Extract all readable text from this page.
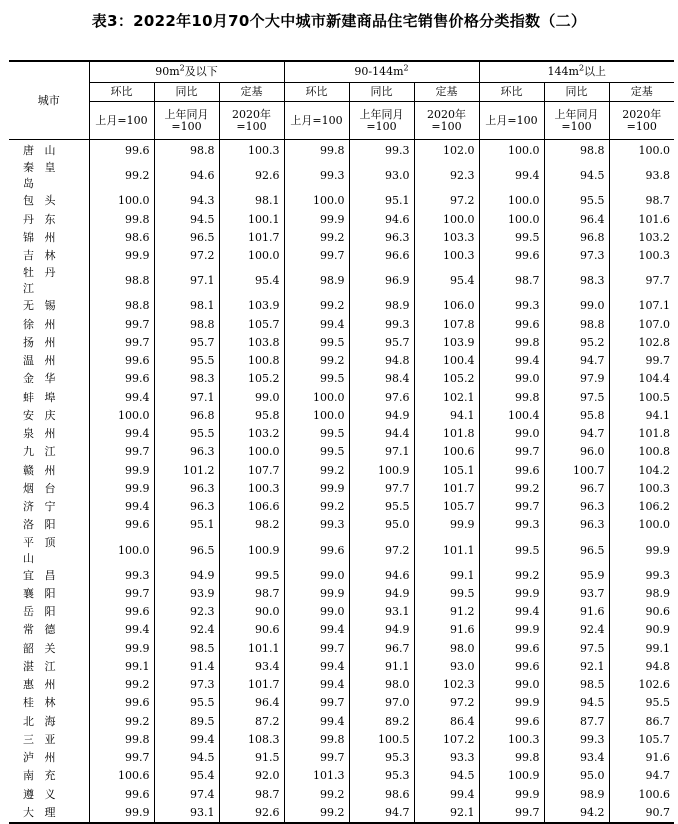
表3：2022年10月70个大中城市新建商品住宅销售价格分类指数（二）
城市	$90m^2$及以下			$90-144m^2$			$144m^2$以上		
	环比	同比	定基	环比	同比	定基	环比	同比	定基
	上月=100	上年同月=100	2020年=100	上月=100	上年同月=100	2020年=100	上月=100	上年同月=100	2020年=100
唐山	99.6	98.8	100.3	99.8	99.3	102.0	100.0	98.8	100.0
秦皇岛	99.2	94.6	92.6	99.3	93.0	92.3	99.4	94.5	93.8
包头	100.0	94.3	98.1	100.0	95.1	97.2	100.0	95.5	98.7
丹东	99.8	94.5	100.1	99.9	94.6	100.0	100.0	96.4	101.6
锦州	98.6	96.5	101.7	99.2	96.3	103.3	99.5	96.8	103.2
吉林	99.9	97.2	100.0	99.7	96.6	100.3	99.6	97.3	100.3
牡丹江	98.8	97.1	95.4	98.9	96.9	95.4	98.7	98.3	97.7
无锡	98.8	98.1	103.9	99.2	98.9	106.0	99.3	99.0	107.1
徐州	99.7	98.8	105.7	99.4	99.3	107.8	99.6	98.8	107.0
扬州	99.7	95.7	103.8	99.5	95.7	103.9	99.8	95.2	102.8
温州	99.6	95.5	100.8	99.2	94.8	100.4	99.4	94.7	99.7
金华	99.6	98.3	105.2	99.5	98.4	105.2	99.0	97.9	104.4
蚌埠	99.4	97.1	99.0	100.0	97.6	102.1	99.8	97.5	100.5
安庆	100.0	96.8	95.8	100.0	94.9	94.1	100.4	95.8	94.1
泉州	99.4	95.5	103.2	99.5	94.4	101.8	99.0	94.7	101.8
九江	99.7	96.3	100.0	99.5	97.1	100.6	99.7	96.0	100.8
赣州	99.9	101.2	107.7	99.2	100.9	105.1	99.6	100.7	104.2
烟台	99.9	96.3	100.3	99.9	97.7	101.7	99.2	96.7	100.3
济宁	99.4	96.3	106.6	99.2	95.5	105.7	99.7	96.3	106.2
洛阳	99.6	95.1	98.2	99.3	95.0	99.9	99.3	96.3	100.0
平顶山	100.0	96.5	100.9	99.6	97.2	101.1	99.5	96.5	99.9
宜昌	99.3	94.9	99.5	99.0	94.6	99.1	99.2	95.9	99.3
襄阳	99.7	93.9	98.7	99.9	94.9	99.5	99.9	93.7	98.9
岳阳	99.6	92.3	90.0	99.0	93.1	91.2	99.4	91.6	90.6
常德	99.4	92.4	90.6	99.4	94.9	91.6	99.9	92.4	90.9
韶关	99.9	98.5	101.1	99.7	96.7	98.0	99.6	97.5	99.1
湛江	99.1	91.4	93.4	99.4	91.1	93.0	99.6	92.1	94.8
惠州	99.2	97.3	101.7	99.4	98.0	102.3	99.0	98.5	102.6
桂林	99.6	95.5	96.4	99.7	97.0	97.2	99.9	94.5	95.5
北海	99.2	89.5	87.2	99.4	89.2	86.4	99.6	87.7	86.7
三亚	99.8	99.4	108.3	99.8	100.5	107.2	100.3	99.3	105.7
泸州	99.7	94.5	91.5	99.7	95.3	93.3	99.8	93.4	91.6
南充	100.6	95.4	92.0	101.3	95.3	94.5	100.9	95.0	94.7
遵义	99.6	97.4	98.7	99.2	98.6	99.4	99.9	98.9	100.6
大理	99.9	93.1	92.6	99.2	94.7	92.1	99.7	94.2	90.7
